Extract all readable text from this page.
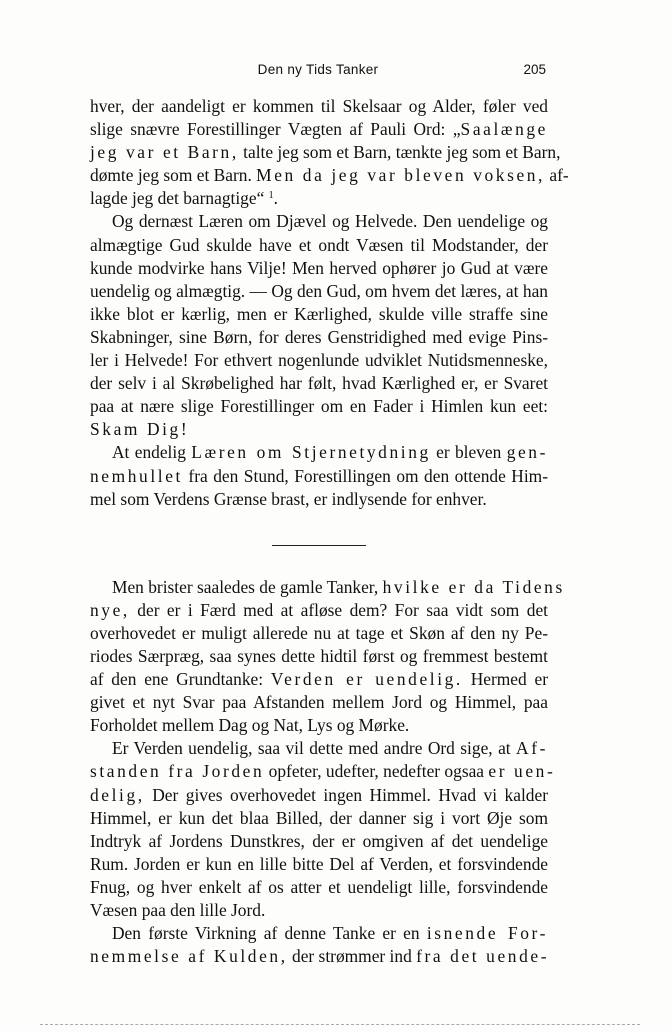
Den ny Tids Tanker	205
hver, der aandeligt er kommen til Skelsaar og Alder, føler ved
slige snævre Forestillinger Vægten af Pauli Ord: „Saalænge
jeg var et Barn, talte jeg som et Barn, tænkte jeg som et Barn,
dømte jeg som et Barn. Men da jeg var bleven voksen, af-
lagde jeg det barnagtige“ $^1$.
Og dernæst Læren om Djævel og Helvede. Den uendelige og
almægtige Gud skulde have et ondt Væsen til Modstander, der
kunde modvirke hans Vilje! Men herved ophører jo Gud at være
uendelig og almægtig. — Og den Gud, om hvem det læres, at han
ikke blot er kærlig, men er Kærlighed, skulde ville straffe sine
Skabninger, sine Børn, for deres Genstridighed med evige Pins-
ler i Helvede! For ethvert nogenlunde udviklet Nutidsmenneske,
der selv i al Skrøbelighed har følt, hvad Kærlighed er, er Svaret
paa at nære slige Forestillinger om en Fader i Himlen kun eet:
Skam Dig!
At endelig Læren om Stjernetydning er bleven gen-
nemhullet fra den Stund, Forestillingen om den ottende Him-
mel som Verdens Grænse brast, er indlysende for enhver.
Men brister saaledes de gamle Tanker, hvilke er da Tidens
nye, der er i Færd med at afløse dem? For saa vidt som det
overhovedet er muligt allerede nu at tage et Skøn af den ny Pe-
riodes Særpræg, saa synes dette hidtil først og fremmest bestemt
af den ene Grundtanke: Verden er uendelig. Hermed er
givet et nyt Svar paa Afstanden mellem Jord og Himmel, paa
Forholdet mellem Dag og Nat, Lys og Mørke.
Er Verden uendelig, saa vil dette med andre Ord sige, at Af-
standen fra Jorden opfeter, udefter, nedefter ogsaa er uen-
delig, Der gives overhovedet ingen Himmel. Hvad vi kalder
Himmel, er kun det blaa Billed, der danner sig i vort Øje som
Indtryk af Jordens Dunstkres, der er omgiven af det uendelige
Rum. Jorden er kun en lille bitte Del af Verden, et forsvindende
Fnug, og hver enkelt af os atter et uendeligt lille, forsvindende
Væsen paa den lille Jord.
Den første Virkning af denne Tanke er en isnende For-
nemmelse af Kulden, der strømmer ind fra det uende-
